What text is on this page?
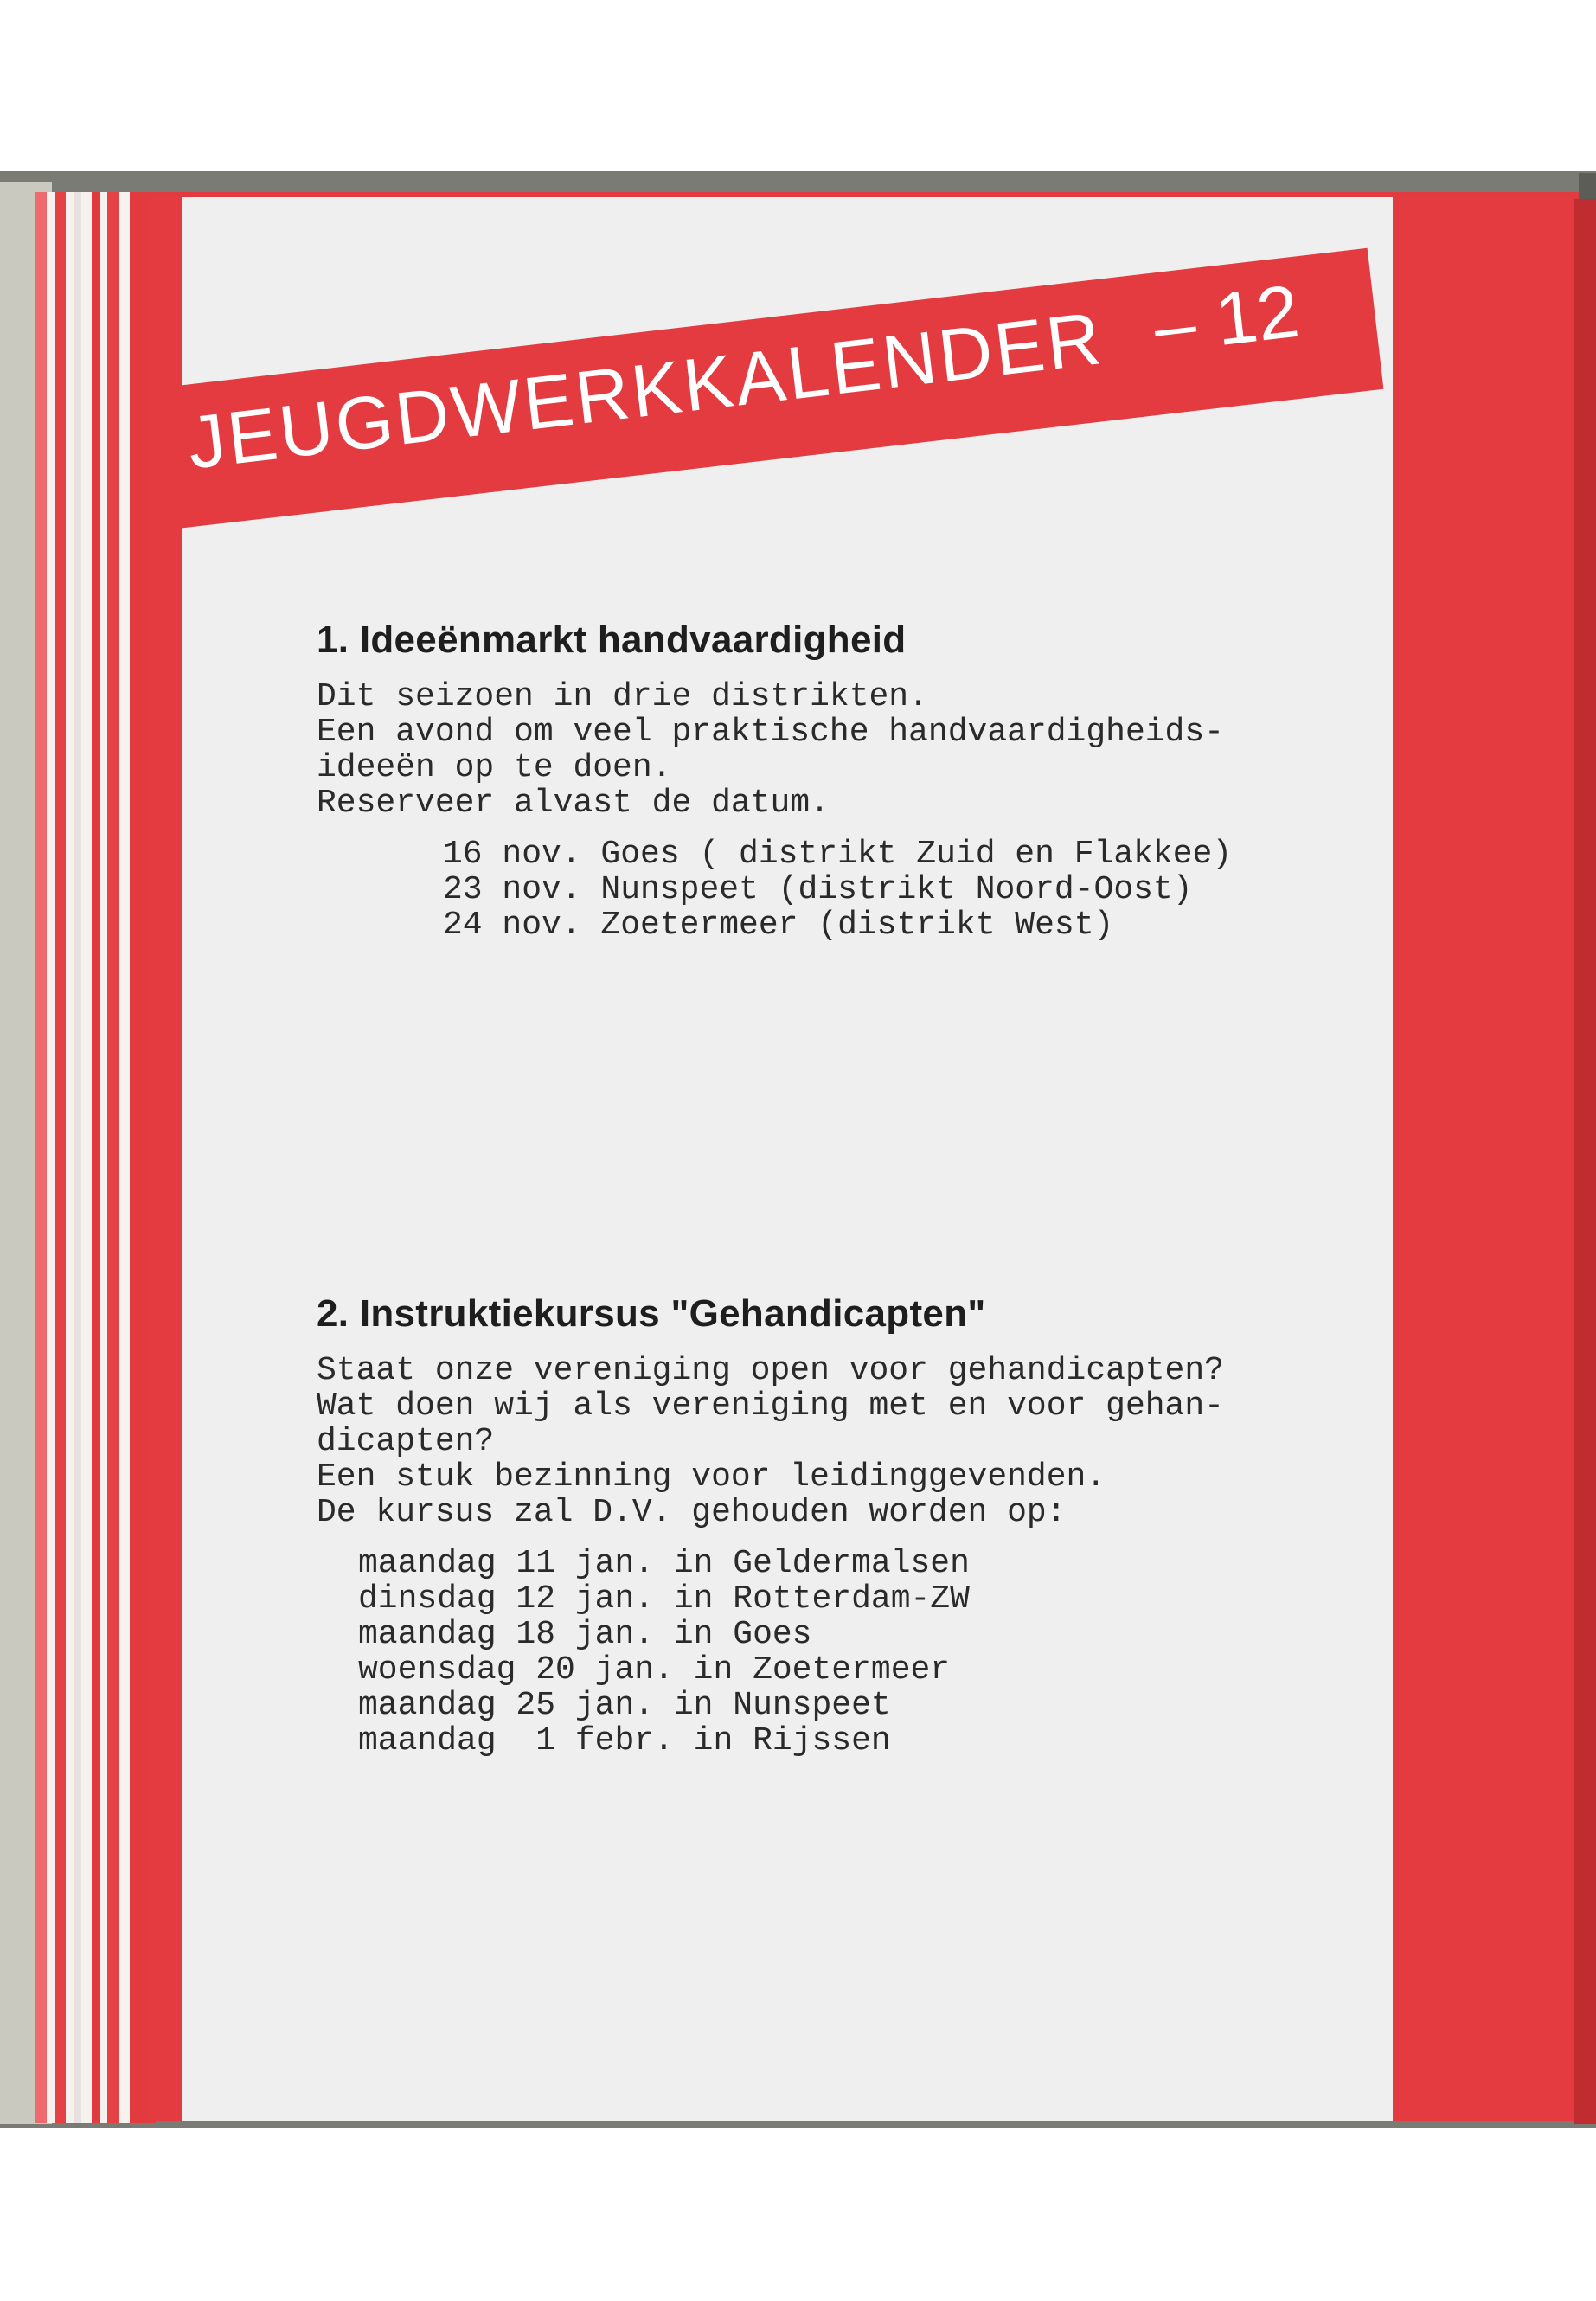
JEUGDWERKKALENDER – 12
1. Ideeënmarkt handvaardigheid
Dit seizoen in drie distrikten.
Een avond om veel praktische handvaardigheids-
ideeën op te doen.
Reserveer alvast de datum.
16 nov. Goes ( distrikt Zuid en Flakkee)
23 nov. Nunspeet (distrikt Noord-Oost)
24 nov. Zoetermeer (distrikt West)
2. Instruktiekursus "Gehandicapten"
Staat onze vereniging open voor gehandicapten?
Wat doen wij als vereniging met en voor gehan-
dicapten?
Een stuk bezinning voor leidinggevenden.
De kursus zal D.V. gehouden worden op:
maandag 11 jan. in Geldermalsen
dinsdag 12 jan. in Rotterdam-ZW
maandag 18 jan. in Goes
woensdag 20 jan. in Zoetermeer
maandag 25 jan. in Nunspeet
maandag  1 febr. in Rijssen
